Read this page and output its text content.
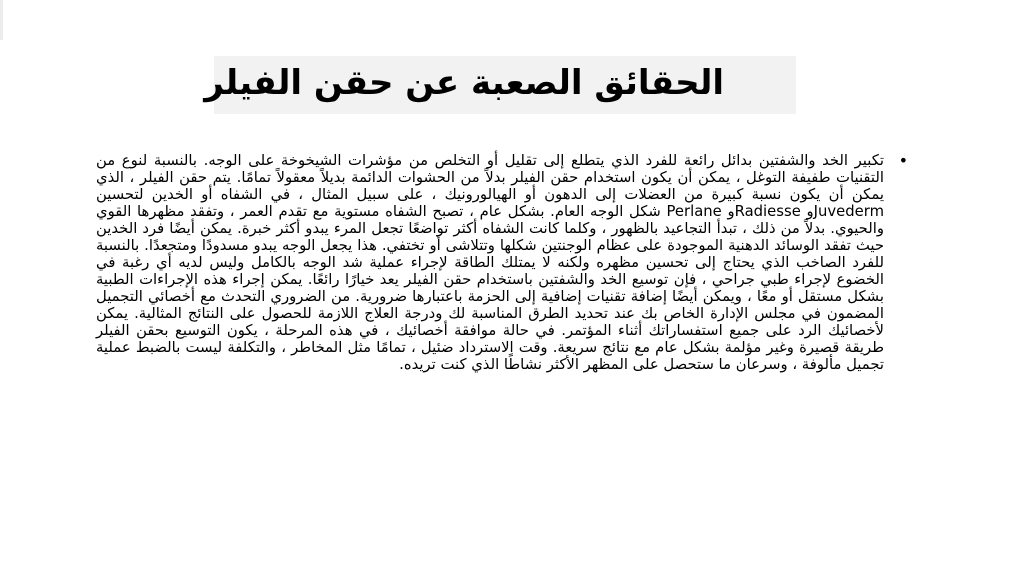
الحقائق الصعبة عن حقن الفيلر
•
تكبير الخد والشفتين بدائل رائعة للفرد الذي يتطلع إلى تقليل أو التخلص من مؤشرات الشيخوخة على الوجه. بالنسبة لنوع من التقنيات طفيفة التوغل ، يمكن أن يكون استخدام حقن الفيلر بدلاً من الحشوات الدائمة بديلاً معقولاً تمامًا. يتم حقن الفيلر ، الذي يمكن أن يكون نسبة كبيرة من العضلات إلى الدهون أو الهيالورونيك ، على سبيل المثال ، في الشفاه أو الخدين لتحسين Juvedermو Radiesseو Perlane شكل الوجه العام. بشكل عام ، تصبح الشفاه مستوية مع تقدم العمر ، وتفقد مظهرها القوي والحيوي. بدلاً من ذلك ، تبدأ التجاعيد بالظهور ، وكلما كانت الشفاه أكثر تواضعًا تجعل المرء يبدو أكثر خبرة. يمكن أيضًا فرد الخدين حيث تفقد الوسائد الدهنية الموجودة على عظام الوجنتين شكلها وتتلاشى أو تختفي. هذا يجعل الوجه يبدو مسدودًا ومتجعدًا. بالنسبة للفرد الصاخب الذي يحتاج إلى تحسين مظهره ولكنه لا يمتلك الطاقة لإجراء عملية شد الوجه بالكامل وليس لديه أي رغبة في الخضوع لإجراء طبي جراحي ، فإن توسيع الخد والشفتين باستخدام حقن الفيلر يعد خيارًا رائعًا. يمكن إجراء هذه الإجراءات الطبية بشكل مستقل أو معًا ، ويمكن أيضًا إضافة تقنيات إضافية إلى الحزمة باعتبارها ضرورية. من الضروري التحدث مع أخصائي التجميل المضمون في مجلس الإدارة الخاص بك عند تحديد الطرق المناسبة لك ودرجة العلاج اللازمة للحصول على النتائج المثالية. يمكن لأخصائيك الرد على جميع استفساراتك أثناء المؤتمر. في حالة موافقة أخصائيك ، في هذه المرحلة ، يكون التوسيع بحقن الفيلر طريقة قصيرة وغير مؤلمة بشكل عام مع نتائج سريعة. وقت الاسترداد ضئيل ، تمامًا مثل المخاطر ، والتكلفة ليست بالضبط عملية تجميل مألوفة ، وسرعان ما ستحصل على المظهر الأكثر نشاطًا الذي كنت تريده.
